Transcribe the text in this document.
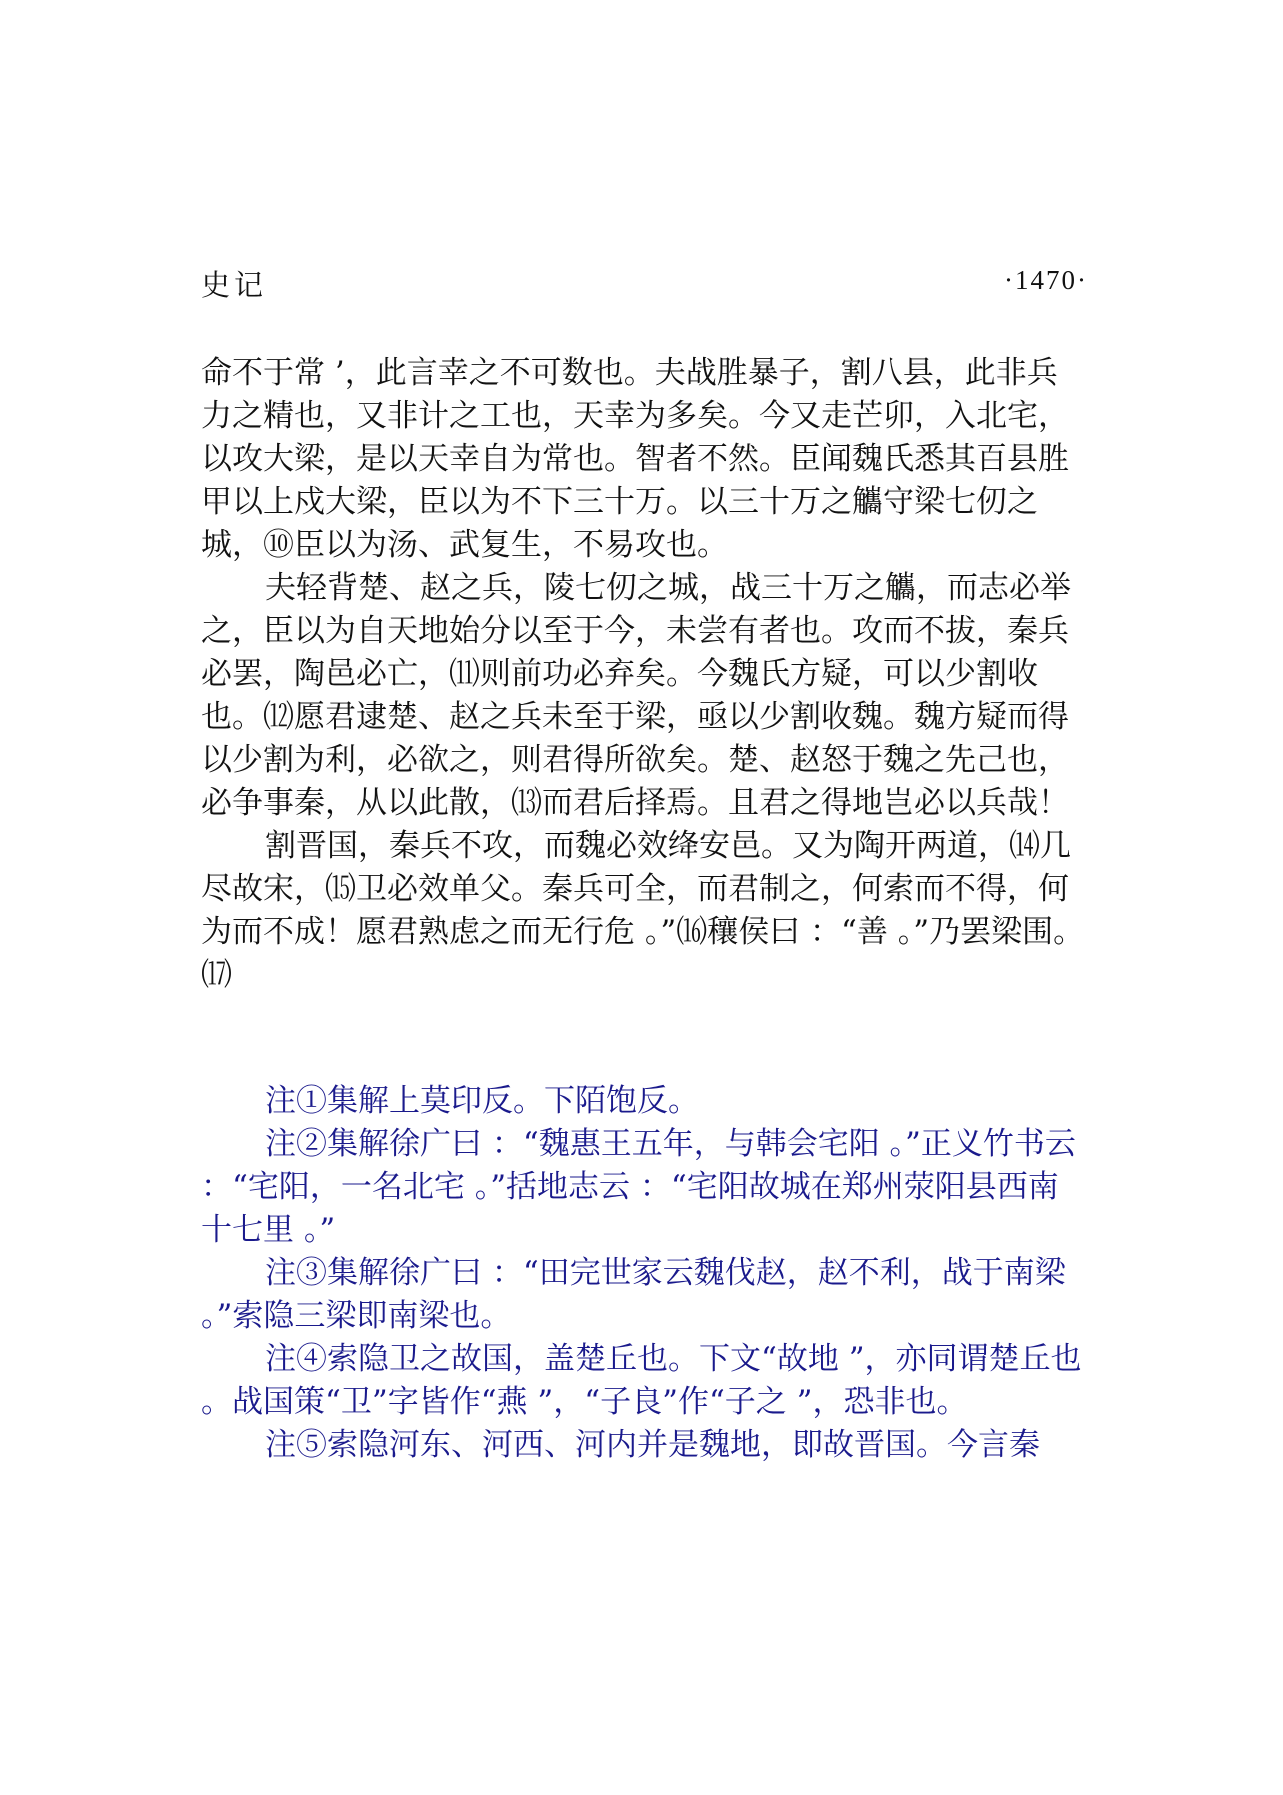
史记	·1470·

命不于常 ’，此言幸之不可数也。夫战胜暴子，割八县，此非兵力之精也，又非计之工也，天幸为多矣。今又走芒卯，入北宅，以攻大梁，是以天幸自为常也。智者不然。臣闻魏氏悉其百县胜甲以上戍大梁，臣以为不下三十万。以三十万之觿守梁七仞之城，⑩臣以为汤、武复生，不易攻也。

夫轻背楚、赵之兵，陵七仞之城，战三十万之觿，而志必举之，臣以为自天地始分以至于今，未尝有者也。攻而不拔，秦兵必罢，陶邑必亡，⑾则前功必弃矣。今魏氏方疑，可以少割收也。⑿愿君逮楚、赵之兵未至于梁，亟以少割收魏。魏方疑而得以少割为利，必欲之，则君得所欲矣。楚、赵怒于魏之先己也，必争事秦，从以此散，⒀而君后择焉。且君之得地岂必以兵哉！

割晋国，秦兵不攻，而魏必效绛安邑。又为陶开两道，⒁几尽故宋，⒂卫必效单父。秦兵可全，而君制之，何索而不得，何为而不成！愿君熟虑之而无行危 。”⒃穰侯曰 ：“善 。”乃罢梁围。⒄

注①集解上莫印反。下陌饱反。

注②集解徐广曰 ：“魏惠王五年，与韩会宅阳 。”正义竹书云 ：“宅阳，一名北宅 。”括地志云 ：“宅阳故城在郑州荥阳县西南十七里 。”

注③集解徐广曰 ：“田完世家云魏伐赵，赵不利，战于南梁 。”索隐三梁即南梁也。

注④索隐卫之故国，盖楚丘也。下文“故地 ”，亦同谓楚丘也 。战国策“卫”字皆作“燕 ”，“子良”作“子之 ”，恐非也。

注⑤索隐河东、河西、河内并是魏地，即故晋国。今言秦
